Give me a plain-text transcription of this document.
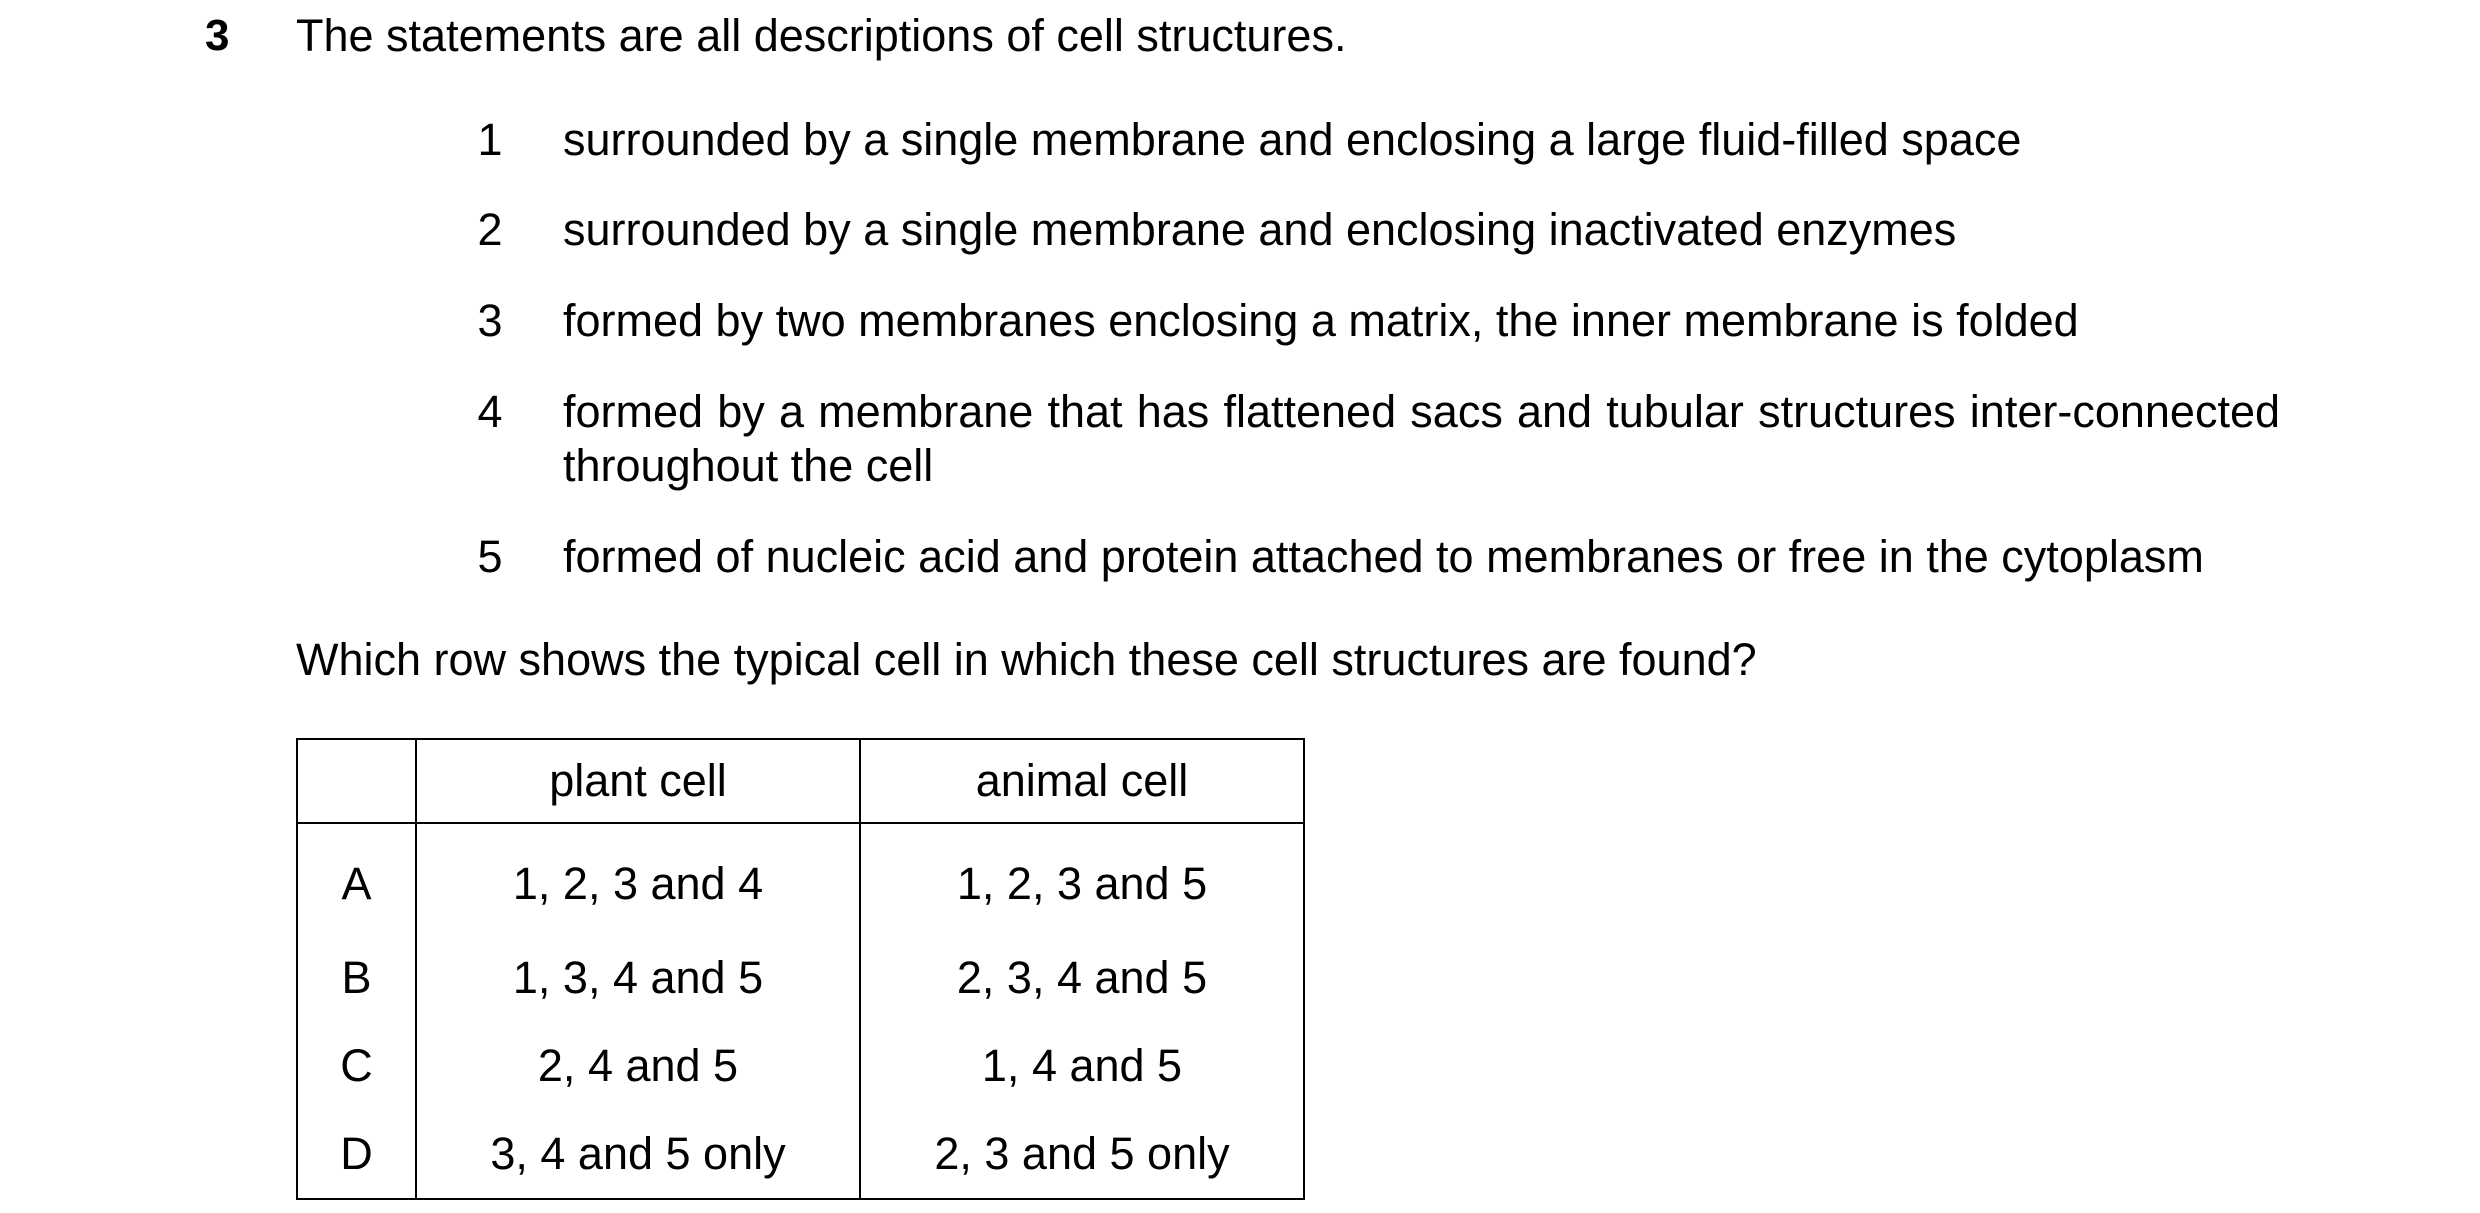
3 The statements are all descriptions of cell structures.
1 surrounded by a single membrane and enclosing a large fluid-filled space
2 surrounded by a single membrane and enclosing inactivated enzymes
3 formed by two membranes enclosing a matrix, the inner membrane is folded
4 formed by a membrane that has flattened sacs and tubular structures inter-connected throughout the cell
5 formed of nucleic acid and protein attached to membranes or free in the cytoplasm
Which row shows the typical cell in which these cell structures are found?
	plant cell	animal cell
A	1, 2, 3 and 4	1, 2, 3 and 5
B	1, 3, 4 and 5	2, 3, 4 and 5
C	2, 4 and 5	1, 4 and 5
D	3, 4 and 5 only	2, 3 and 5 only
